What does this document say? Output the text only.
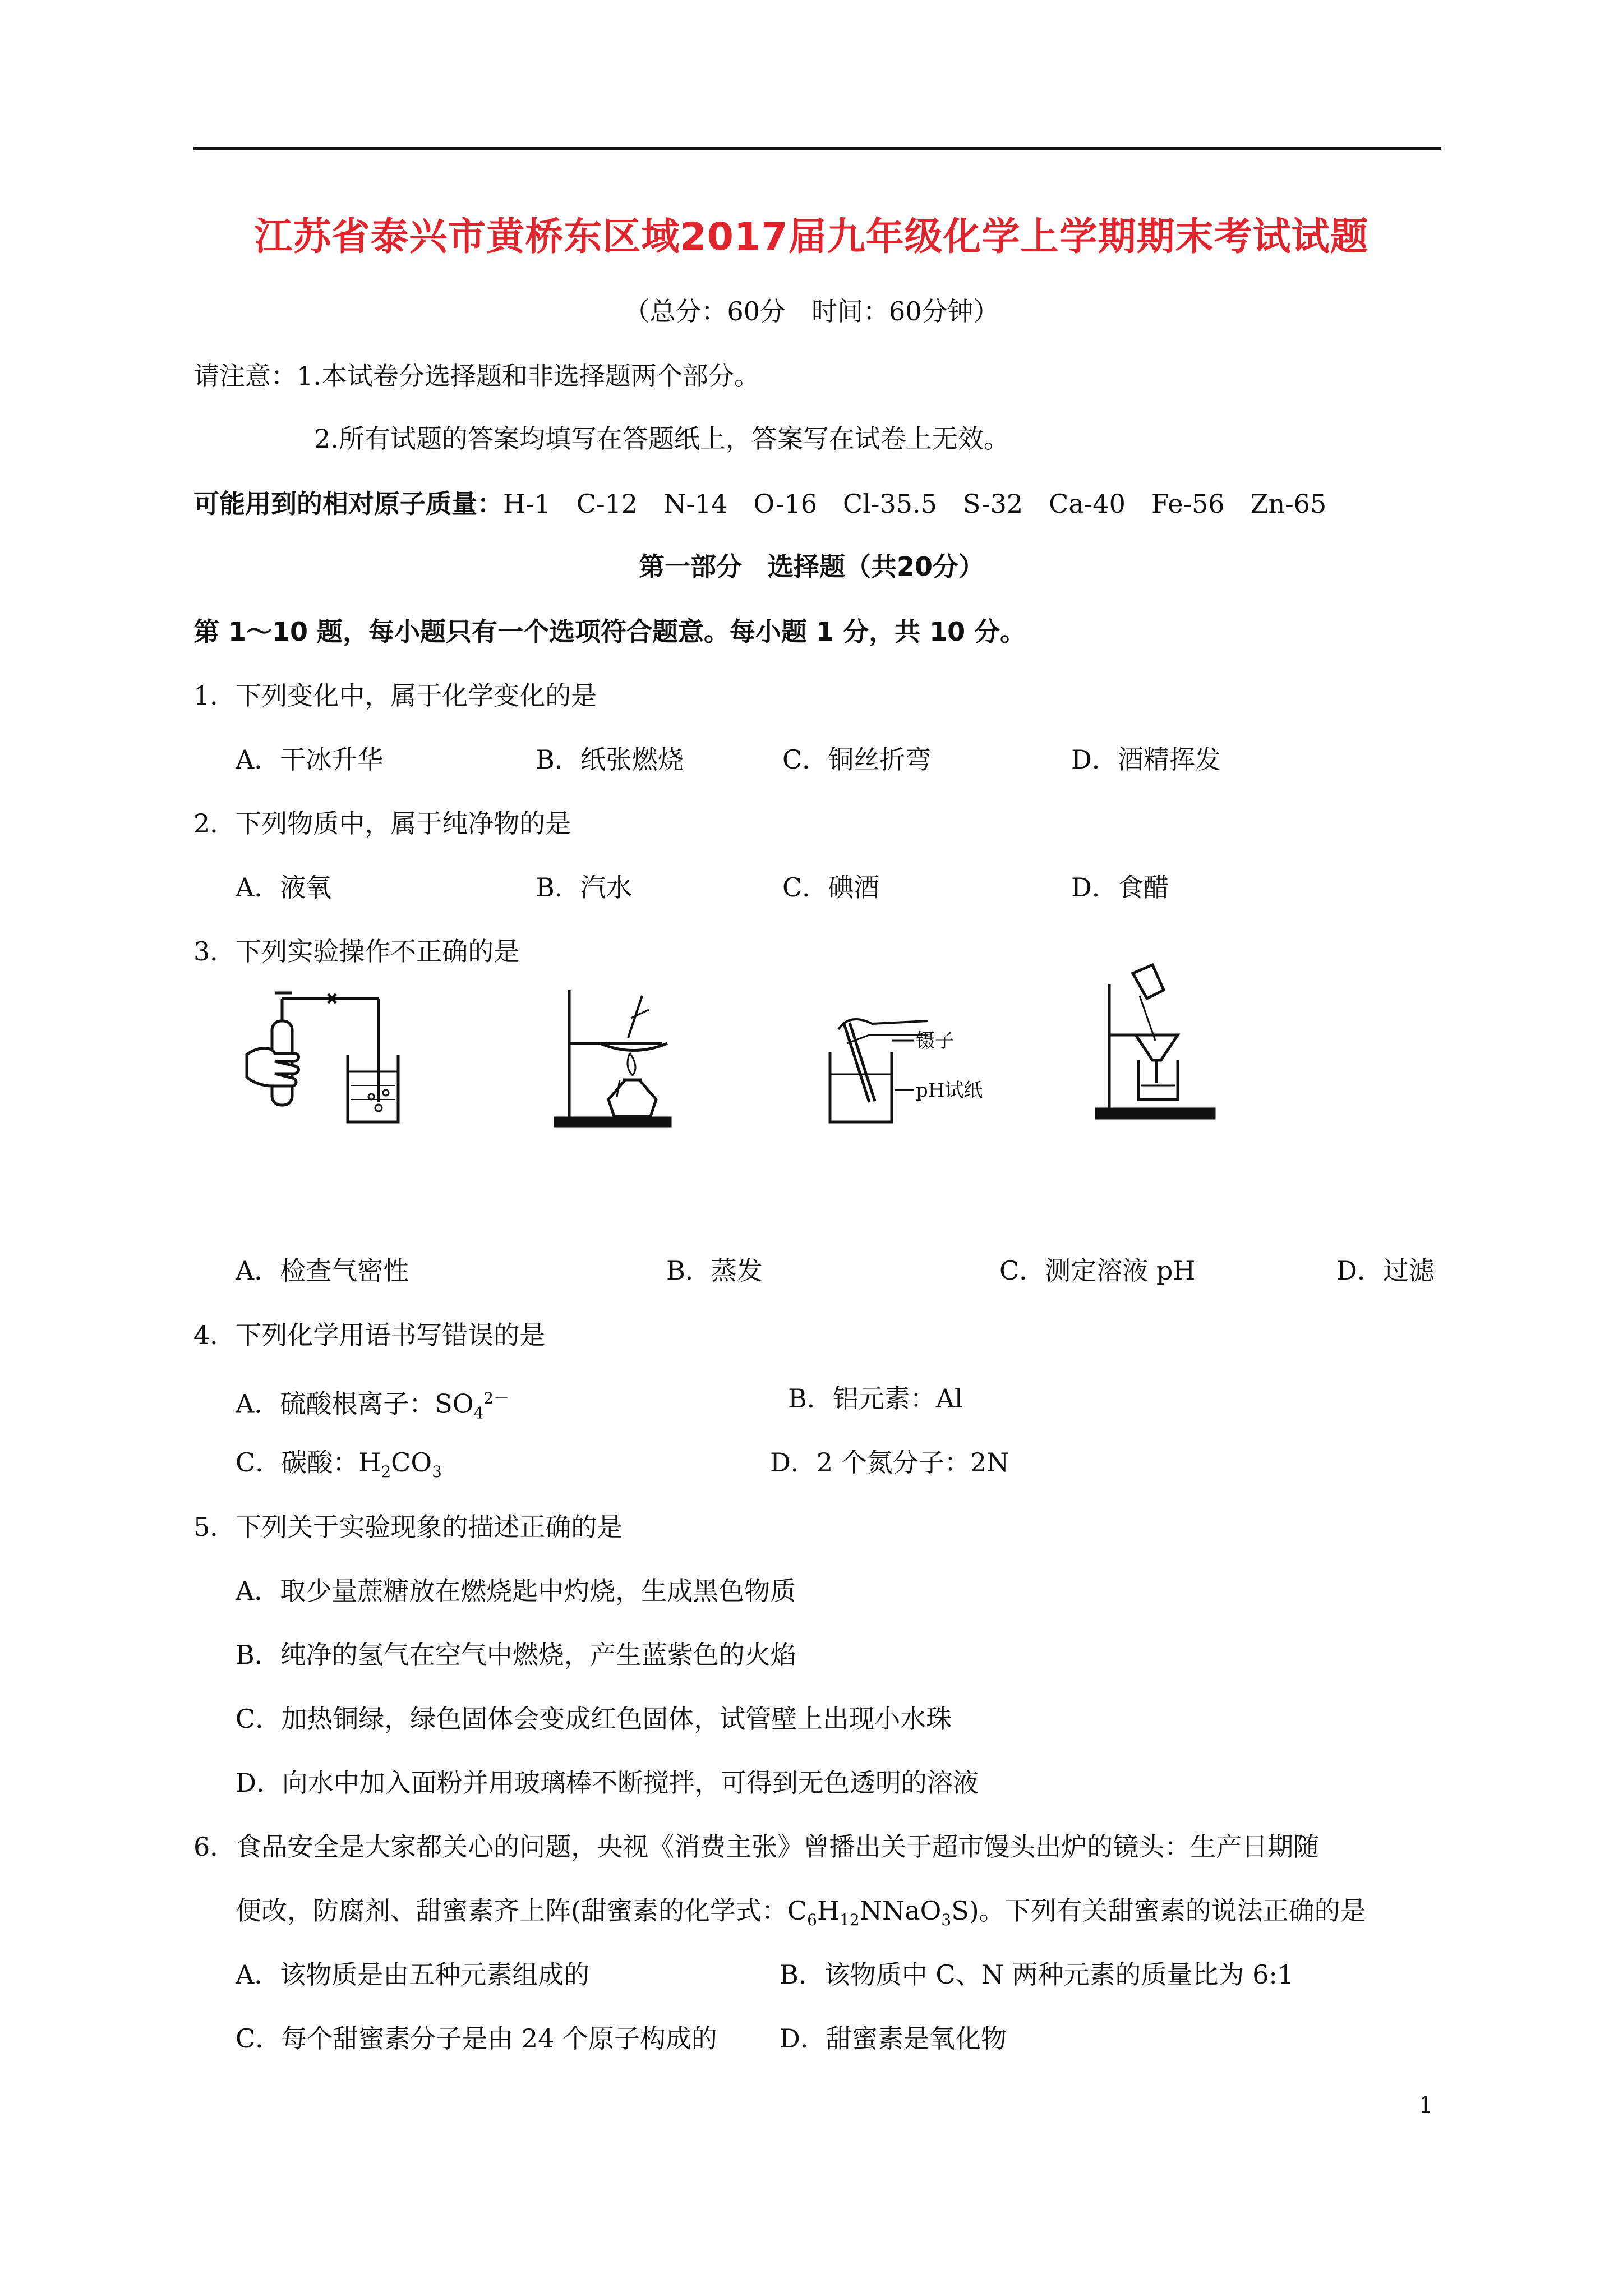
江苏省泰兴市黄桥东区域2017届九年级化学上学期期末考试试题
（总分：60分　时间：60分钟）
请注意：1.本试卷分选择题和非选择题两个部分。
2.所有试题的答案均填写在答题纸上，答案写在试卷上无效。
可能用到的相对原子质量：H-1　C-12　N-14　O-16　Cl-35.5　S-32　Ca-40　Fe-56　Zn-65
第一部分　选择题（共20分）
第 1～10 题，每小题只有一个选项符合题意。每小题 1 分，共 10 分。
1．下列变化中，属于化学变化的是
A．干冰升华	B．纸张燃烧	C．铜丝折弯	D．酒精挥发
2．下列物质中，属于纯净物的是
A．液氧	B．汽水	C．碘酒	D．食醋
3．下列实验操作不正确的是
镊子
pH试纸
A．检查气密性	B．蒸发	C．测定溶液 pH	D．过滤
4．下列化学用语书写错误的是
A．硫酸根离子：$SO_4^{2-}$	B．铝元素：Al
C．碳酸：$H_2CO_3$	D．2 个氮分子：2N
5．下列关于实验现象的描述正确的是
A．取少量蔗糖放在燃烧匙中灼烧，生成黑色物质
B．纯净的氢气在空气中燃烧，产生蓝紫色的火焰
C．加热铜绿，绿色固体会变成红色固体，试管壁上出现小水珠
D．向水中加入面粉并用玻璃棒不断搅拌，可得到无色透明的溶液
6．食品安全是大家都关心的问题，央视《消费主张》曾播出关于超市馒头出炉的镜头：生产日期随
便改，防腐剂、甜蜜素齐上阵(甜蜜素的化学式：$C_6H_{12}NNaO_3S$)。下列有关甜蜜素的说法正确的是
A．该物质是由五种元素组成的	B．该物质中 C、N 两种元素的质量比为 6:1
C．每个甜蜜素分子是由 24 个原子构成的 D．甜蜜素是氧化物
1
